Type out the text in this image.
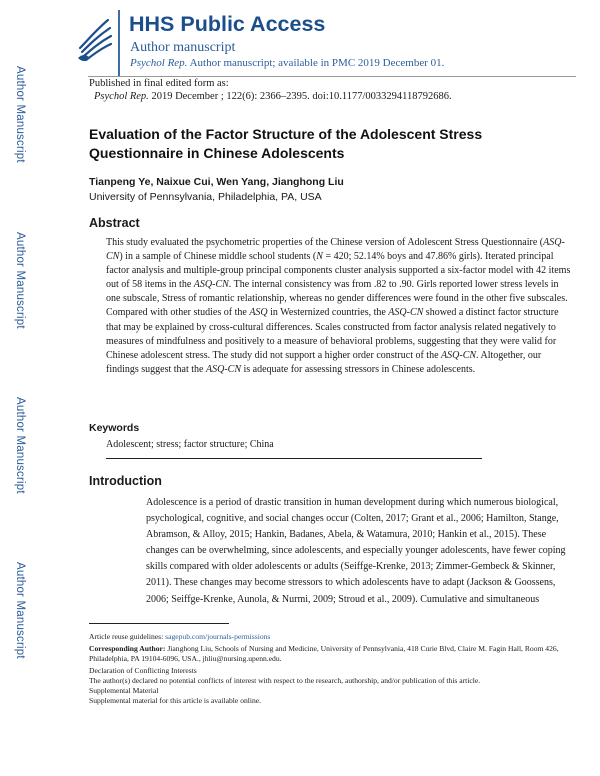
Author Manuscript
Author Manuscript
Author Manuscript
Author Manuscript
HHS Public Access
Author manuscript
Psychol Rep. Author manuscript; available in PMC 2019 December 01.
Published in final edited form as:
Psychol Rep. 2019 December ; 122(6): 2366–2395. doi:10.1177/0033294118792686.
Evaluation of the Factor Structure of the Adolescent Stress Questionnaire in Chinese Adolescents
Tianpeng Ye, Naixue Cui, Wen Yang, Jianghong Liu
University of Pennsylvania, Philadelphia, PA, USA
Abstract
This study evaluated the psychometric properties of the Chinese version of Adolescent Stress Questionnaire (ASQ-CN) in a sample of Chinese middle school students (N = 420; 52.14% boys and 47.86% girls). Iterated principal factor analysis and multiple-group principal components cluster analysis supported a six-factor model with 42 items out of 58 items in the ASQ-CN. The internal consistency was from .82 to .90. Girls reported lower stress levels in one subscale, Stress of romantic relationship, whereas no gender differences were found in the other five subscales. Compared with other studies of the ASQ in Westernized countries, the ASQ-CN showed a distinct factor structure that may be explained by cross-cultural differences. Scales constructed from factor analysis related negatively to measures of mindfulness and positively to a measure of behavioral problems, suggesting that they were valid for Chinese adolescent stress. The study did not support a higher order construct of the ASQ-CN. Altogether, our findings suggest that the ASQ-CN is adequate for assessing stressors in Chinese adolescents.
Keywords
Adolescent; stress; factor structure; China
Introduction
Adolescence is a period of drastic transition in human development during which numerous biological, psychological, cognitive, and social changes occur (Colten, 2017; Grant et al., 2006; Hamilton, Stange, Abramson, & Alloy, 2015; Hankin, Badanes, Abela, & Watamura, 2010; Hankin et al., 2015). These changes can be overwhelming, since adolescents, and especially younger adolescents, have fewer coping skills compared with older adolescents or adults (Seiffge-Krenke, 2013; Zimmer-Gembeck & Skinner, 2011). These changes may become stressors to which adolescents have to adapt (Jackson & Goossens, 2006; Seiffge-Krenke, Aunola, & Nurmi, 2009; Stroud et al., 2009). Cumulative and simultaneous
Article reuse guidelines: sagepub.com/journals-permissions
Corresponding Author: Jianghong Liu, Schools of Nursing and Medicine, University of Pennsylvania, 418 Curie Blvd, Claire M. Fagin Hall, Room 426, Philadelphia, PA 19104-6096, USA., jhliu@nursing.upenn.edu.
Declaration of Conflicting Interests
The author(s) declared no potential conflicts of interest with respect to the research, authorship, and/or publication of this article.
Supplemental Material
Supplemental material for this article is available online.
